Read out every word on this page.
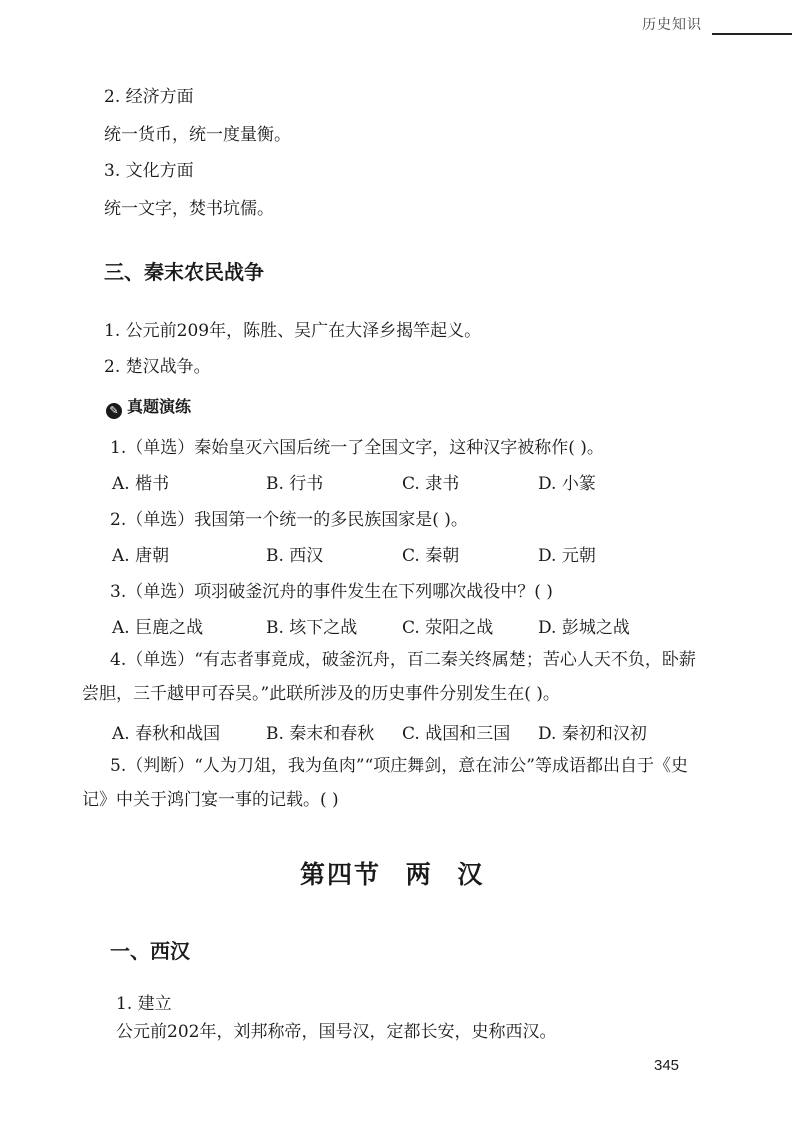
历史知识
2. 经济方面
统一货币，统一度量衡。
3. 文化方面
统一文字，焚书坑儒。
三、秦末农民战争
1. 公元前209年，陈胜、吴广在大泽乡揭竿起义。
2. 楚汉战争。
✎ 真题演练
1.（单选）秦始皇灭六国后统一了全国文字，这种汉字被称作( )。
A. 楷书	B. 行书	C. 隶书	D. 小篆
2.（单选）我国第一个统一的多民族国家是( )。
A. 唐朝	B. 西汉	C. 秦朝	D. 元朝
3.（单选）项羽破釜沉舟的事件发生在下列哪次战役中？( )
A. 巨鹿之战	B. 垓下之战	C. 荥阳之战	D. 彭城之战
4.（单选）“有志者事竟成，破釜沉舟，百二秦关终属楚；苦心人天不负，卧薪尝胆，三千越甲可吞吴。”此联所涉及的历史事件分别发生在( )。
A. 春秋和战国	B. 秦末和春秋 C. 战国和三国 D. 秦初和汉初
5.（判断）“人为刀俎，我为鱼肉”“项庄舞剑，意在沛公”等成语都出自于《史记》中关于鸿门宴一事的记载。( )
第四节 两 汉
一、西汉
1. 建立
公元前202年，刘邦称帝，国号汉，定都长安，史称西汉。
345
